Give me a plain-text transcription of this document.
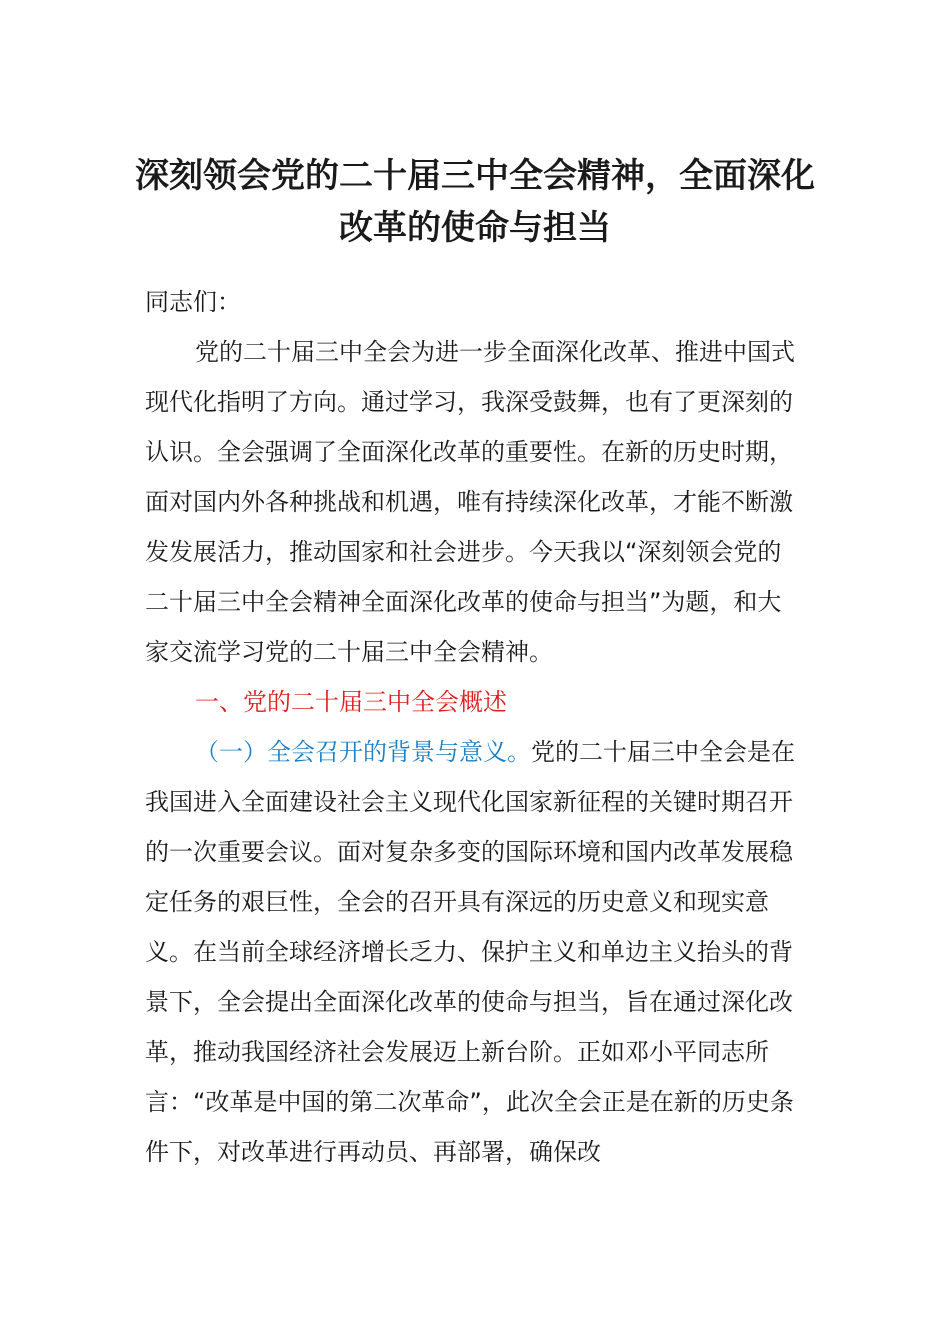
深刻领会党的二十届三中全会精神，全面深化改革的使命与担当

同志们：

党的二十届三中全会为进一步全面深化改革、推进中国式现代化指明了方向。通过学习，我深受鼓舞，也有了更深刻的认识。全会强调了全面深化改革的重要性。在新的历史时期，面对国内外各种挑战和机遇，唯有持续深化改革，才能不断激发发展活力，推动国家和社会进步。今天我以“深刻领会党的二十届三中全会精神全面深化改革的使命与担当”为题，和大家交流学习党的二十届三中全会精神。

一、党的二十届三中全会概述

（一）全会召开的背景与意义。党的二十届三中全会是在我国进入全面建设社会主义现代化国家新征程的关键时期召开的一次重要会议。面对复杂多变的国际环境和国内改革发展稳定任务的艰巨性，全会的召开具有深远的历史意义和现实意义。在当前全球经济增长乏力、保护主义和单边主义抬头的背景下，全会提出全面深化改革的使命与担当，旨在通过深化改革，推动我国经济社会发展迈上新台阶。正如邓小平同志所言：“改革是中国的第二次革命”，此次全会正是在新的历史条件下，对改革进行再动员、再部署，确保改
